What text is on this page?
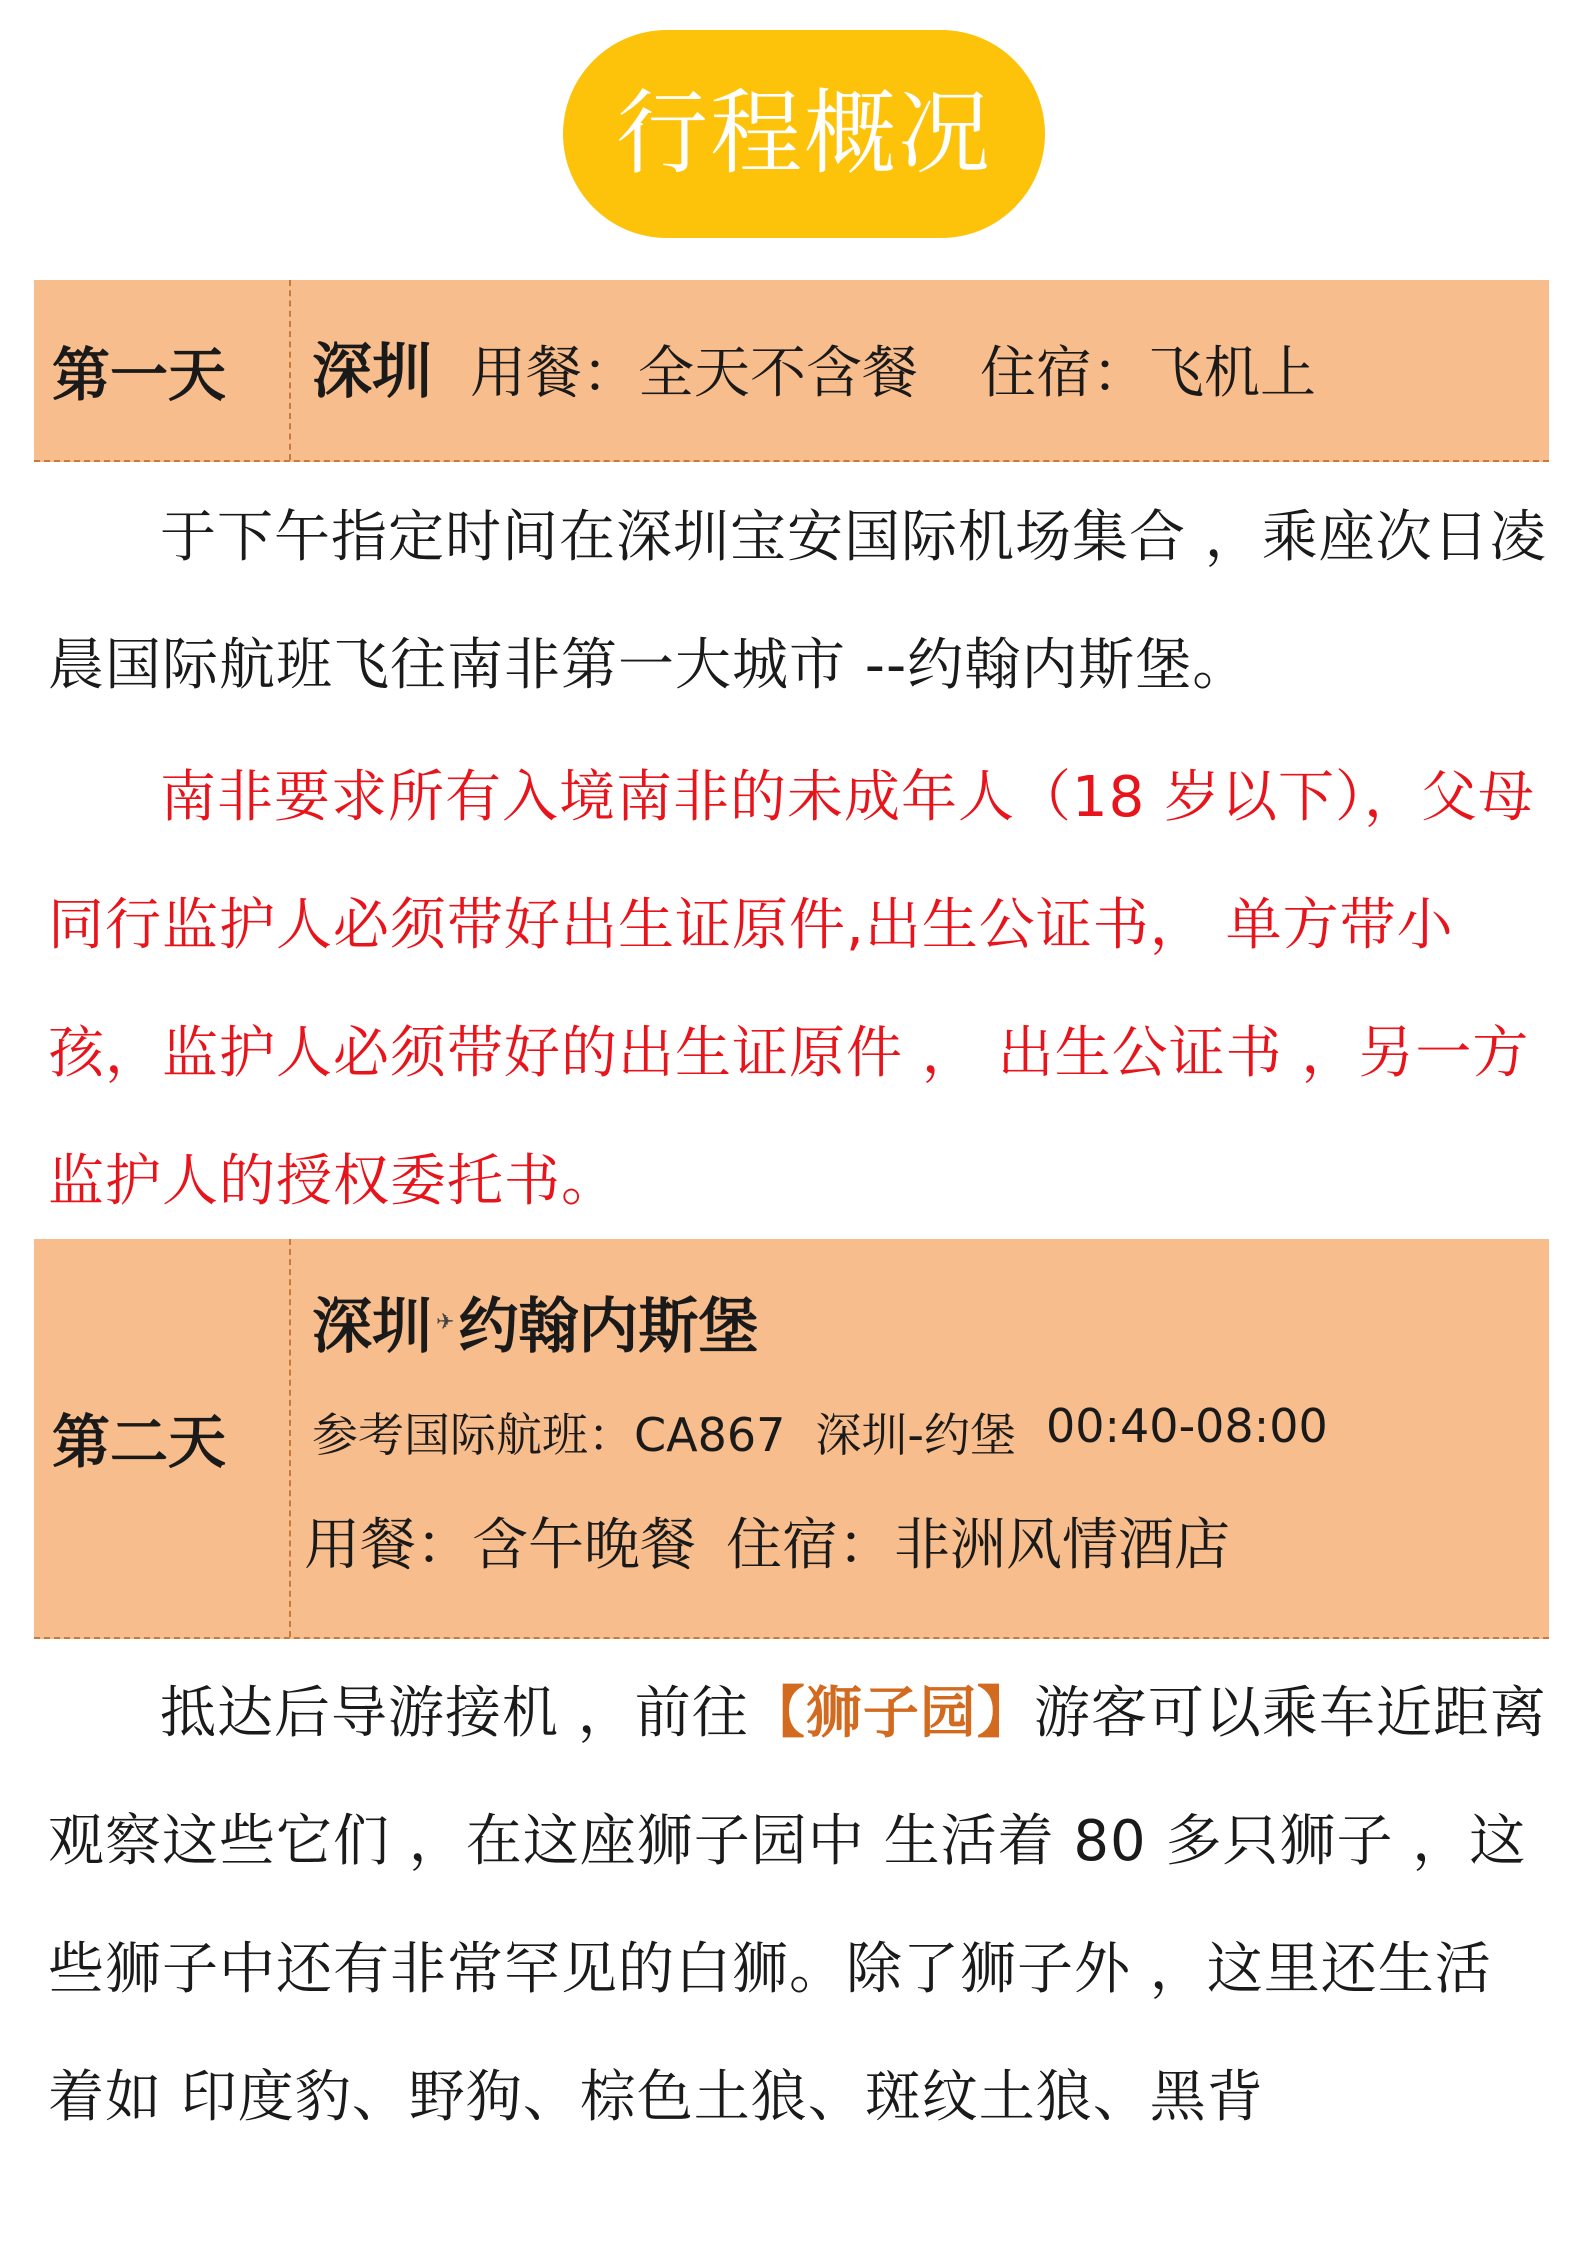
行程概况
第一天 深圳 用餐：全天不含餐 住宿：飞机上

于下午指定时间在深圳宝安国际机场集合 ，乘座次日凌晨国际航班飞往南非第一大城市 --约翰内斯堡。

南非要求所有入境南非的未成年人（18 岁以下），父母同行监护人必须带好出生证原件,出生公证书， 单方带小孩，监护人必须带好的出生证原件 ， 出生公证书 ，另一方监护人的授权委托书。

第二天
深圳 ✈ 约翰内斯堡
参考国际航班：CA867 深圳-约堡 00:40-08:00
用餐：含午晚餐 住宿：非洲风情酒店

抵达后导游接机 ，前往【狮子园】游客可以乘车近距离观察这些它们 ，在这座狮子园中 生活着 80 多只狮子 ，这些狮子中还有非常罕见的白狮。除了狮子外 ，这里还生活着如 印度豹、野狗、棕色土狼、斑纹土狼、黑背
